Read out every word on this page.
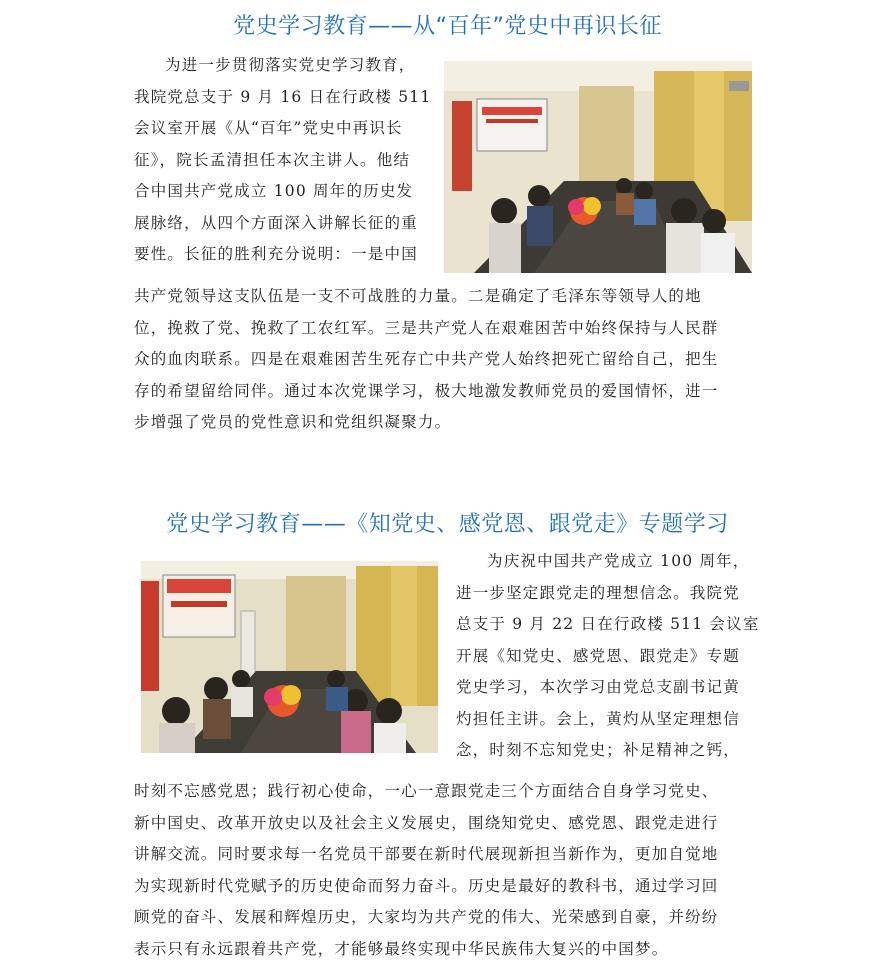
党史学习教育——从“百年”党史中再识长征
为进一步贯彻落实党史学习教育，
我院党总支于 9 月 16 日在行政楼 511
会议室开展《从“百年”党史中再识长
征》，院长孟清担任本次主讲人。他结
合中国共产党成立 100 周年的历史发
展脉络，从四个方面深入讲解长征的重
要性。长征的胜利充分说明：一是中国
共产党领导这支队伍是一支不可战胜的力量。二是确定了毛泽东等领导人的地
位，挽救了党、挽救了工农红军。三是共产党人在艰难困苦中始终保持与人民群
众的血肉联系。四是在艰难困苦生死存亡中共产党人始终把死亡留给自己，把生
存的希望留给同伴。通过本次党课学习，极大地激发教师党员的爱国情怀，进一
步增强了党员的党性意识和党组织凝聚力。
党史学习教育——《知党史、感党恩、跟党走》专题学习
为庆祝中国共产党成立 100 周年，
进一步坚定跟党走的理想信念。我院党
总支于 9 月 22 日在行政楼 511 会议室
开展《知党史、感党恩、跟党走》专题
党史学习，本次学习由党总支副书记黄
灼担任主讲。会上，黄灼从坚定理想信
念，时刻不忘知党史；补足精神之钙，
时刻不忘感党恩；践行初心使命，一心一意跟党走三个方面结合自身学习党史、
新中国史、改革开放史以及社会主义发展史，围绕知党史、感党恩、跟党走进行
讲解交流。同时要求每一名党员干部要在新时代展现新担当新作为，更加自觉地
为实现新时代党赋予的历史使命而努力奋斗。历史是最好的教科书，通过学习回
顾党的奋斗、发展和辉煌历史，大家均为共产党的伟大、光荣感到自豪，并纷纷
表示只有永远跟着共产党，才能够最终实现中华民族伟大复兴的中国梦。
